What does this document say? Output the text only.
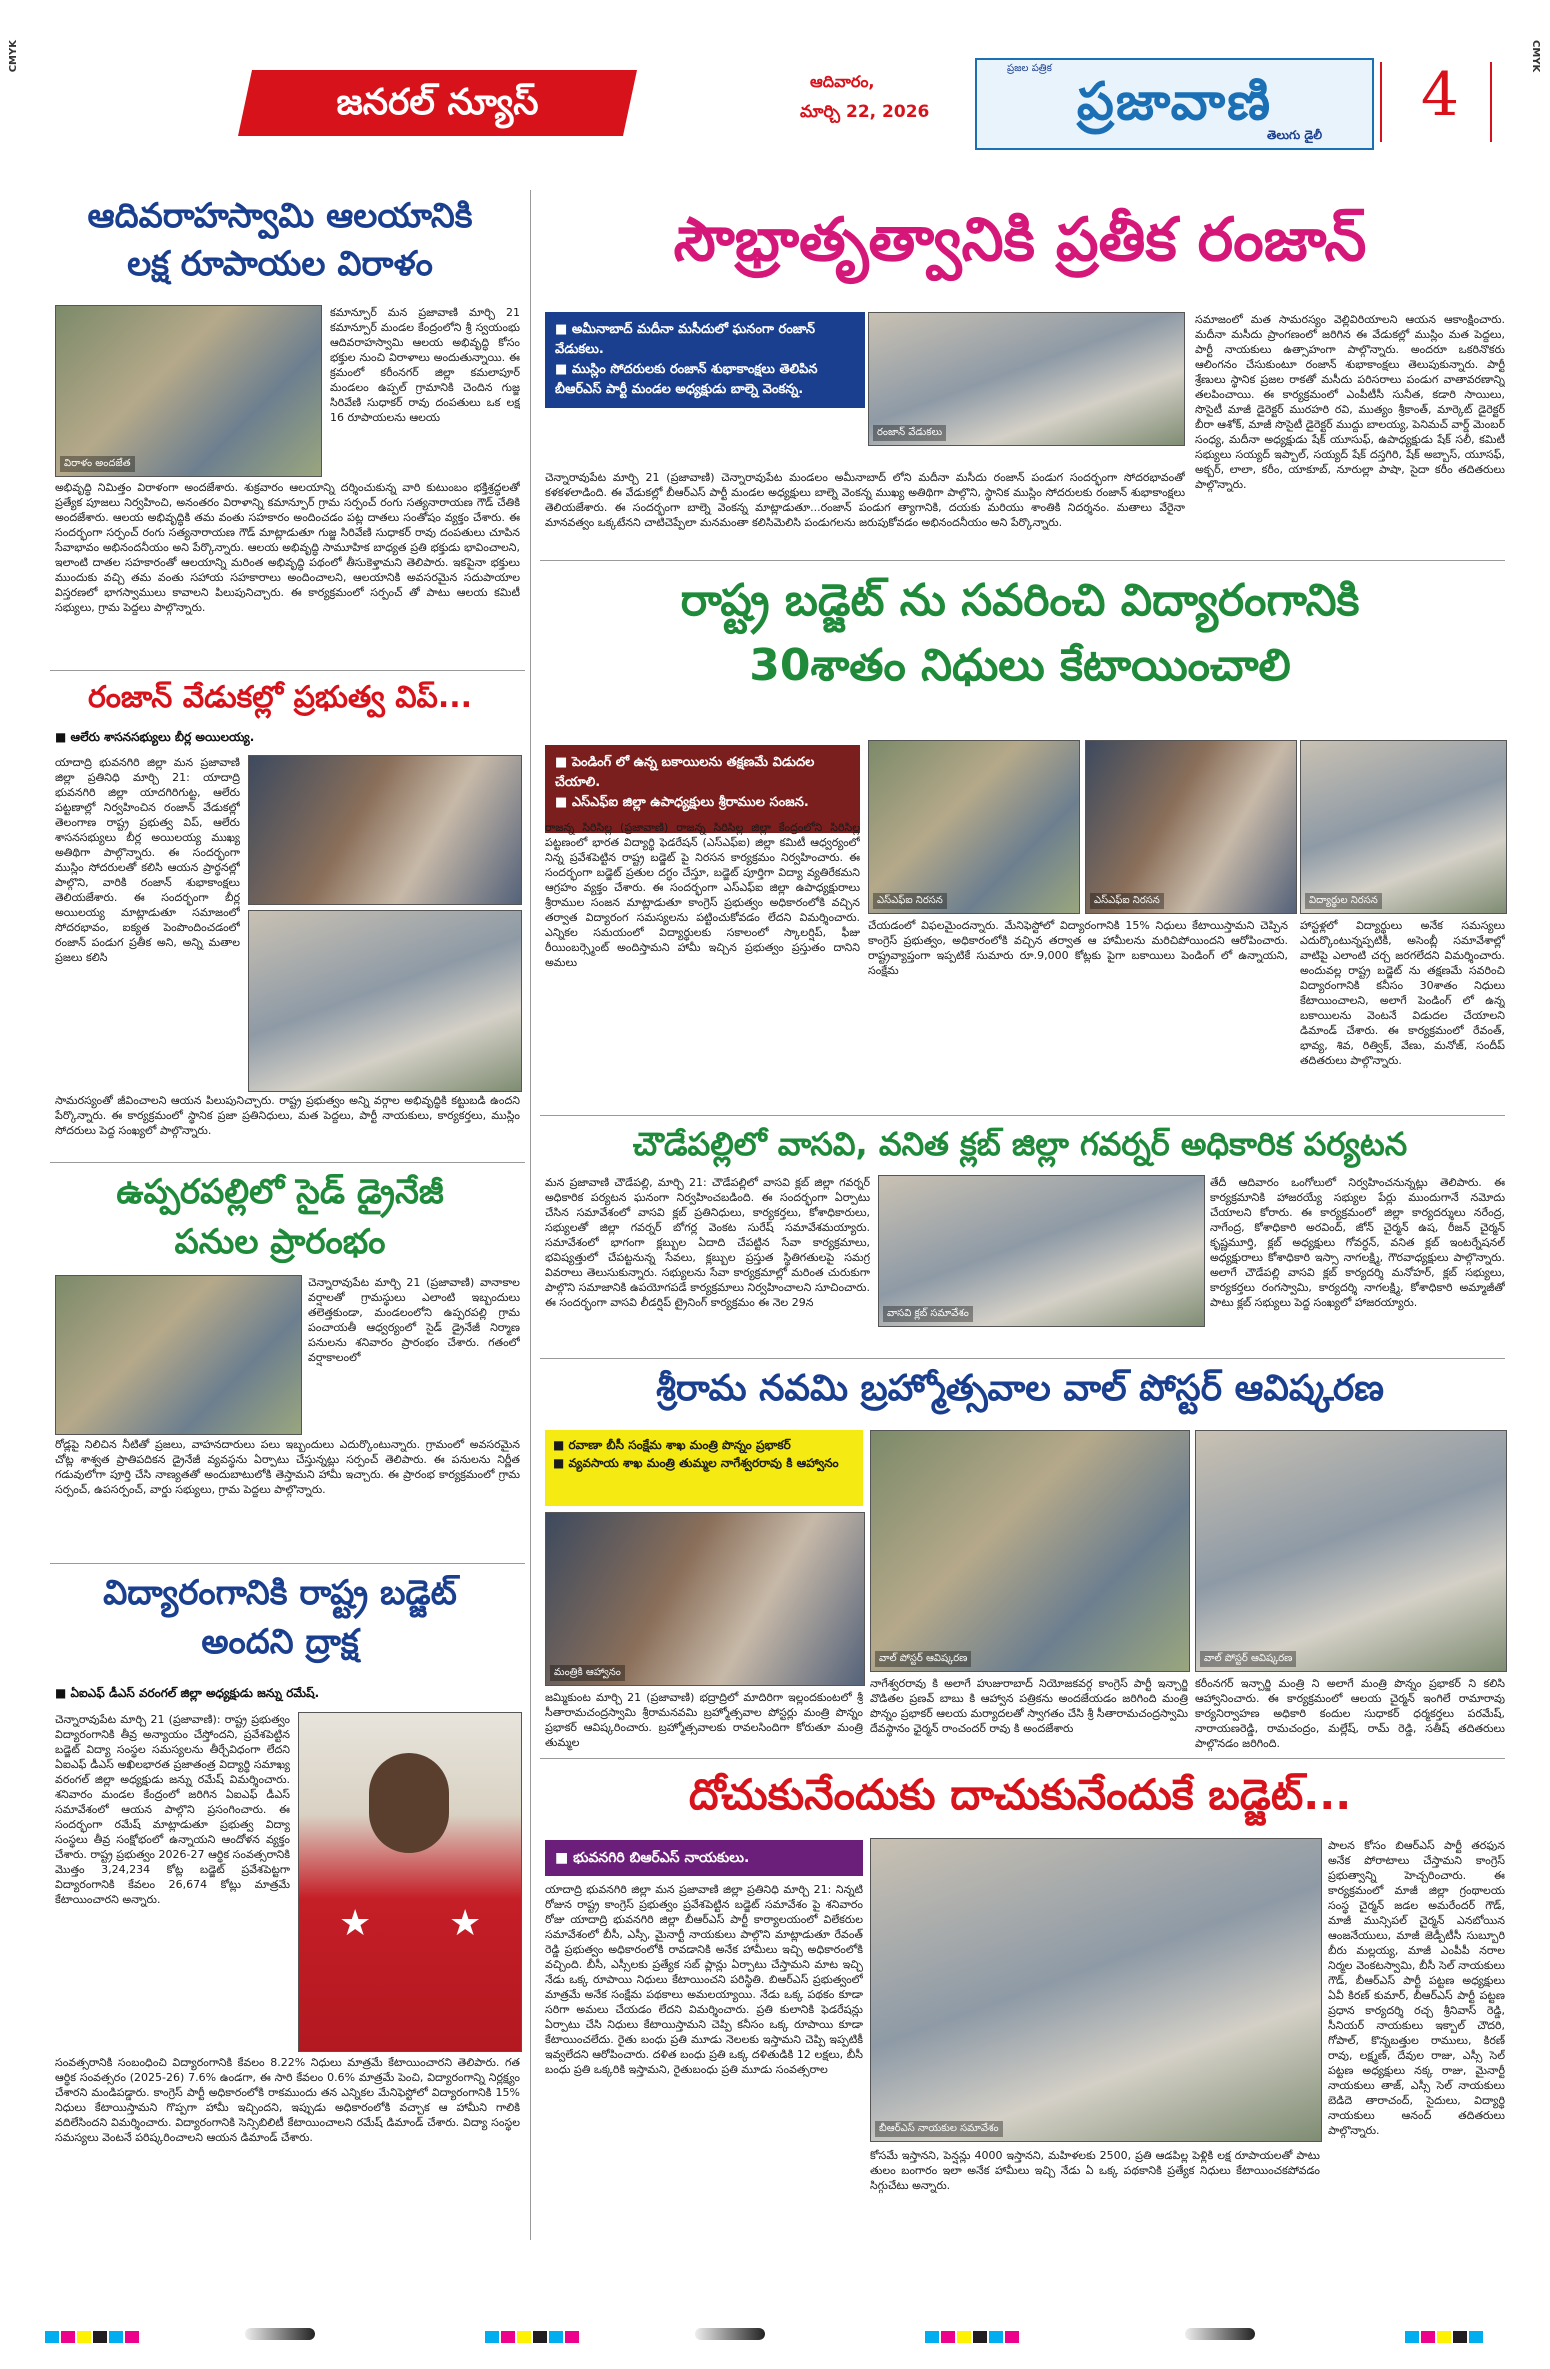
CMYK	CMYK
జనరల్ న్యూస్
ఆదివారం,
మార్చి 22, 2026
ప్రజల పత్రిక
ప్రజావాణి
తెలుగు డైలీ
4
ఆదివరాహస్వామి ఆలయానికి
లక్ష రూపాయల విరాళం
విరాళం అందజేత
కమాన్పూర్ మన ప్రజావాణి మార్చి 21 కమాన్పూర్ మండల కేంద్రంలోని శ్రీ స్వయంభు ఆదివరాహస్వామి ఆలయ అభివృద్ధి కోసం భక్తుల నుంచి విరాళాలు అందుతున్నాయి. ఈ క్రమంలో కరీంనగర్ జిల్లా కమలాపూర్ మండలం ఉప్పల్ గ్రామానికి చెందిన గుజ్జ సిరివేణి సుధాకర్ రావు దంపతులు ఒక లక్ష 16 రూపాయలను ఆలయ
అభివృద్ధి నిమిత్తం విరాళంగా అందజేశారు. శుక్రవారం ఆలయాన్ని దర్శించుకున్న వారి కుటుంబం భక్తిశ్రద్ధలతో ప్రత్యేక పూజలు నిర్వహించి, అనంతరం విరాళాన్ని కమాన్పూర్ గ్రామ సర్పంచ్ రంగు సత్యనారాయణ గౌడ్ చేతికి అందజేశారు. ఆలయ అభివృద్ధికి తమ వంతు సహకారం అందించడం పట్ల దాతలు సంతోషం వ్యక్తం చేశారు. ఈ సందర్భంగా సర్పంచ్ రంగు సత్యనారాయణ గౌడ్ మాట్లాడుతూ గుజ్జ సిరివేణి సుధాకర్ రావు దంపతులు చూపిన సేవాభావం అభినందనీయం అని పేర్కొన్నారు. ఆలయ అభివృద్ధి సామూహిక బాధ్యత ప్రతి భక్తుడు భావించాలని, ఇలాంటి దాతల సహకారంతో ఆలయాన్ని మరింత అభివృద్ధి పథంలో తీసుకెళ్తామని తెలిపారు. ఇకపైనా భక్తులు ముందుకు వచ్చి తమ వంతు సహాయ సహకారాలు అందించాలని, ఆలయానికి అవసరమైన సదుపాయాల విస్తరణలో భాగస్వాములు కావాలని పిలుపునిచ్చారు. ఈ కార్యక్రమంలో సర్పంచ్ తో పాటు ఆలయ కమిటీ సభ్యులు, గ్రామ పెద్దలు పాల్గొన్నారు.
రంజాన్ వేడుకల్లో ప్రభుత్వ విప్...
■ ఆలేరు శాసనసభ్యులు బీర్ల అయిలయ్య.
యాదాద్రి భువనగిరి జిల్లా మన ప్రజావాణి జిల్లా ప్రతినిధి మార్చి 21: యాదాద్రి భువనగిరి జిల్లా యాదగిరిగుట్ట, ఆలేరు పట్టణాల్లో నిర్వహించిన రంజాన్ వేడుకల్లో తెలంగాణ రాష్ట్ర ప్రభుత్వ విప్, ఆలేరు శాసనసభ్యులు బీర్ల అయిలయ్య ముఖ్య అతిథిగా పాల్గొన్నారు. ఈ సందర్భంగా ముస్లిం సోదరులతో కలిసి ఆయన ప్రార్థనల్లో పాల్గొని, వారికి రంజాన్ శుభాకాంక్షలు తెలియజేశారు. ఈ సందర్భంగా బీర్ల అయిలయ్య మాట్లాడుతూ సమాజంలో సోదరభావం, ఐక్యత పెంపొందించడంలో రంజాన్ పండుగ ప్రతీక అని, అన్ని మతాల ప్రజలు కలిసి
సామరస్యంతో జీవించాలని ఆయన పిలుపునిచ్చారు. రాష్ట్ర ప్రభుత్వం అన్ని వర్గాల అభివృద్ధికి కట్టుబడి ఉందని పేర్కొన్నారు. ఈ కార్యక్రమంలో స్థానిక ప్రజా ప్రతినిధులు, మత పెద్దలు, పార్టీ నాయకులు, కార్యకర్తలు, ముస్లిం సోదరులు పెద్ద సంఖ్యలో పాల్గొన్నారు.
ఉప్పరపల్లిలో సైడ్ డ్రైనేజీ
పనుల ప్రారంభం
చెన్నారావుపేట మార్చి 21 (ప్రజావాణి) వానాకాల వర్షాలతో గ్రామస్థులు ఎలాంటి ఇబ్బందులు తలెత్తకుండా, మండలంలోని ఉప్పరపల్లి గ్రామ పంచాయతీ ఆధ్వర్యంలో సైడ్ డ్రైనేజీ నిర్మాణ పనులను శనివారం ప్రారంభం చేశారు. గతంలో వర్షాకాలంలో
రోడ్లపై నిలిచిన నీటితో ప్రజలు, వాహనదారులు పలు ఇబ్బందులు ఎదుర్కొంటున్నారు. గ్రామంలో అవసరమైన చోట్ల శాశ్వత ప్రాతిపదికన డ్రైనేజీ వ్యవస్థను ఏర్పాటు చేస్తున్నట్లు సర్పంచ్ తెలిపారు. ఈ పనులను నిర్ణీత గడువులోగా పూర్తి చేసి నాణ్యతతో అందుబాటులోకి తెస్తామని హామీ ఇచ్చారు. ఈ ప్రారంభ కార్యక్రమంలో గ్రామ సర్పంచ్, ఉపసర్పంచ్, వార్డు సభ్యులు, గ్రామ పెద్దలు పాల్గొన్నారు.
విద్యారంగానికి రాష్ట్ర బడ్జెట్
అందని ద్రాక్ష
■ ఏఐఎఫ్ డీఎస్ వరంగల్ జిల్లా అధ్యక్షుడు జన్ను రమేష్.
చెన్నారావుపేట మార్చి 21 (ప్రజావాణి): రాష్ట్ర ప్రభుత్వం విద్యారంగానికి తీవ్ర అన్యాయం చేస్తోందని, ప్రవేశపెట్టిన బడ్జెట్ విద్యా సంస్థల సమస్యలను తీర్చేవిధంగా లేదని ఏఐఎఫ్ డీఎస్ అఖిలభారత ప్రజాతంత్ర విద్యార్థి సమాఖ్య వరంగల్ జిల్లా అధ్యక్షుడు జన్ను రమేష్ విమర్శించారు. శనివారం మండల కేంద్రంలో జరిగిన ఏఐఎఫ్ డీఎస్ సమావేశంలో ఆయన పాల్గొని ప్రసంగించారు. ఈ సందర్భంగా రమేష్ మాట్లాడుతూ ప్రభుత్వ విద్యా సంస్థలు తీవ్ర సంక్షోభంలో ఉన్నాయని ఆందోళన వ్యక్తం చేశారు. రాష్ట్ర ప్రభుత్వం 2026-27 ఆర్థిక సంవత్సరానికి మొత్తం 3,24,234 కోట్ల బడ్జెట్ ప్రవేశపెట్టగా విద్యారంగానికి కేవలం 26,674 కోట్లు మాత్రమే కేటాయించారని అన్నారు.
★ ★
సంవత్సరానికి సంబంధించి విద్యారంగానికి కేవలం 8.22% నిధులు మాత్రమే కేటాయించారని తెలిపారు. గత ఆర్థిక సంవత్సరం (2025-26) 7.6% ఉండగా, ఈ సారి కేవలం 0.6% మాత్రమే పెంచి, విద్యారంగాన్ని నిర్లక్ష్యం చేశారని మండిపడ్డారు. కాంగ్రెస్ పార్టీ అధికారంలోకి రాకముందు తన ఎన్నికల మేనిఫెస్టోలో విద్యారంగానికి 15% నిధులు కేటాయిస్తామని గొప్పగా హామీ ఇచ్చిందని, ఇప్పుడు అధికారంలోకి వచ్చాక ఆ హామీని గాలికి వదిలేసిందని విమర్శించారు. విద్యారంగానికి సెన్సిబిలిటీ కేటాయించాలని రమేష్ డిమాండ్ చేశారు. విద్యా సంస్థల సమస్యలు వెంటనే పరిష్కరించాలని ఆయన డిమాండ్ చేశారు.
సౌభ్రాతృత్వానికి ప్రతీక రంజాన్
■ అమీనాబాద్ మదీనా మసీదులో ఘనంగా రంజాన్ వేడుకలు.
■ ముస్లిం సోదరులకు రంజాన్ శుభాకాంక్షలు తెలిపిన బీఆర్ఎస్ పార్టీ మండల అధ్యక్షుడు బాల్నె వెంకన్న.
రంజాన్ వేడుకలు
చెన్నారావుపేట మార్చి 21 (ప్రజావాణి) చెన్నారావుపేట మండలం అమీనాబాద్ లోని మదీనా మసీదు రంజాన్ పండుగ సందర్భంగా సోదరభావంతో కళకళలాడింది. ఈ వేడుకల్లో బీఆర్ఎస్ పార్టీ మండల అధ్యక్షులు బాల్నె వెంకన్న ముఖ్య అతిథిగా పాల్గొని, స్థానిక ముస్లిం సోదరులకు రంజాన్ శుభాకాంక్షలు తెలియజేశారు. ఈ సందర్భంగా బాల్నె వెంకన్న మాట్లాడుతూ...రంజాన్ పండుగ త్యాగానికి, దయకు మరియు శాంతికి నిదర్శనం. మతాలు వేరైనా మానవత్వం ఒక్కటేనని చాటిచెప్పేలా మనమంతా కలిసిమెలిసి పండుగలను జరుపుకోవడం అభినందనీయం అని పేర్కొన్నారు.
సమాజంలో మత సామరస్యం వెల్లివిరియాలని ఆయన ఆకాంక్షించారు. మదీనా మసీదు ప్రాంగణంలో జరిగిన ఈ వేడుకల్లో ముస్లిం మత పెద్దలు, పార్టీ నాయకులు ఉత్సాహంగా పాల్గొన్నారు. అందరూ ఒకరినొకరు ఆలింగనం చేసుకుంటూ రంజాన్ శుభాకాంక్షలు తెలుపుకున్నారు. పార్టీ శ్రేణులు స్థానిక ప్రజల రాకతో మసీదు పరిసరాలు పండుగ వాతావరణాన్ని తలపించాయి. ఈ కార్యక్రమంలో ఎంపీటీసీ సునీత, కడారి సాయిలు, సొసైటీ మాజీ డైరెక్టర్ మురహరి రవి, ముత్యం శ్రీకాంత్, మార్కెట్ డైరెక్టర్ బీరా ఆశోక్, మాజీ సొసైటీ డైరెక్టర్ ముద్దు బాలయ్య, పెనిమచ్ వార్డ్ మెంబర్ సంధ్య, మదీనా అధ్యక్షుడు షేక్ యూసుఫ్, ఉపాధ్యక్షుడు షేక్ సలీ, కమిటీ సభ్యులు సయ్యద్ ఇప్బాల్, సయ్యద్ షేక్ దస్తగిరి, షేక్ అబ్బాస్, యూసఫ్, అక్బర్, లాలా, కరీం, యాకూబ్, నూరుల్లా పాషా, సైదా కరీం తదితరులు పాల్గొన్నారు.
రాష్ట్ర బడ్జెట్ ను సవరించి విద్యారంగానికి
30శాతం నిధులు కేటాయించాలి
■ పెండింగ్ లో ఉన్న బకాయిలను తక్షణమే విడుదల చేయాలి.
■ ఎస్ఎఫ్ఐ జిల్లా ఉపాధ్యక్షులు శ్రీరాముల సంజన.
ఎస్ఎఫ్ఐ నిరసన	ఎస్ఎఫ్ఐ నిరసన	విద్యార్థుల నిరసన
రాజన్న సిరిసిల్ల (ప్రజావాణి) రాజన్న సిరిసిల్ల జిల్లా కేంద్రంలోని సిరిసిల్ల పట్టణంలో భారత విద్యార్థి ఫెడరేషన్ (ఎస్ఎఫ్ఐ) జిల్లా కమిటీ ఆధ్వర్యంలో నిన్న ప్రవేశపెట్టిన రాష్ట్ర బడ్జెట్ పై నిరసన కార్యక్రమం నిర్వహించారు. ఈ సందర్భంగా బడ్జెట్ ప్రతుల దగ్ధం చేస్తూ, బడ్జెట్ పూర్తిగా విద్యా వ్యతిరేకమని ఆగ్రహం వ్యక్తం చేశారు. ఈ సందర్భంగా ఎస్ఎఫ్ఐ జిల్లా ఉపాధ్యక్షురాలు శ్రీరాముల సంజన మాట్లాడుతూ కాంగ్రెస్ ప్రభుత్వం అధికారంలోకి వచ్చిన తర్వాత విద్యారంగ సమస్యలను పట్టించుకోవడం లేదని విమర్శించారు. ఎన్నికల సమయంలో విద్యార్థులకు సకాలంలో స్కాలర్షిప్, ఫీజు రీయింబర్స్మెంట్ అందిస్తామని హామీ ఇచ్చిన ప్రభుత్వం ప్రస్తుతం దానిని అమలు
చేయడంలో విఫలమైందన్నారు. మేనిఫెస్టోలో విద్యారంగానికి 15% నిధులు కేటాయిస్తామని చెప్పిన కాంగ్రెస్ ప్రభుత్వం, అధికారంలోకి వచ్చిన తర్వాత ఆ హామీలను మరిచిపోయిందని ఆరోపించారు. రాష్ట్రవ్యాప్తంగా ఇప్పటికే సుమారు రూ.9,000 కోట్లకు పైగా బకాయిలు పెండింగ్ లో ఉన్నాయని, సంక్షేమ
హాస్టళ్లలో విద్యార్థులు అనేక సమస్యలు ఎదుర్కొంటున్నప్పటికీ, అసెంబ్లీ సమావేశాల్లో వాటిపై ఎలాంటి చర్చ జరగలేదని విమర్శించారు. అందువల్ల రాష్ట్ర బడ్జెట్ ను తక్షణమే సవరించి విద్యారంగానికి కనీసం 30శాతం నిధులు కేటాయించాలని, అలాగే పెండింగ్ లో ఉన్న బకాయిలను వెంటనే విడుదల చేయాలని డిమాండ్ చేశారు. ఈ కార్యక్రమంలో రేవంత్, భావ్య, శివ, రిత్విక్, వేణు, మనోజ్, సందీప్ తదితరులు పాల్గొన్నారు.
చౌడేపల్లిలో వాసవి, వనిత క్లబ్ జిల్లా గవర్నర్ అధికారిక పర్యటన
మన ప్రజావాణి చౌడేపల్లి, మార్చి 21: చౌడేపల్లిలో వాసవి క్లబ్ జిల్లా గవర్నర్ అధికారిక పర్యటన ఘనంగా నిర్వహించబడింది. ఈ సందర్భంగా ఏర్పాటు చేసిన సమావేశంలో వాసవి క్లబ్ ప్రతినిధులు, కార్యకర్తలు, కోశాధికారులు, సభ్యులతో జిల్లా గవర్నర్ బోగర్ల వెంకట సురేష్ సమావేశమయ్యారు. సమావేశంలో భాగంగా క్లబ్బుల ఏదాది చేపట్టిన సేవా కార్యక్రమాలు, భవిష్యత్తులో చేపట్టనున్న సేవలు, క్లబ్బుల ప్రస్తుత స్థితిగతులపై సమగ్ర వివరాలు తెలుసుకున్నారు. సభ్యులను సేవా కార్యక్రమాల్లో మరింత చురుకుగా పాల్గొని సమాజానికి ఉపయోగపడే కార్యక్రమాలు నిర్వహించాలని సూచించారు. ఈ సందర్భంగా వాసవి లీడర్షిప్ ట్రైనింగ్ కార్యక్రమం ఈ నెల 29న
వాసవి క్లబ్ సమావేశం
తేదీ ఆదివారం ఒంగోలులో నిర్వహించనున్నట్లు తెలిపారు. ఈ కార్యక్రమానికి హాజరయ్యే సభ్యుల పేర్లు ముందుగానే నమోదు చేయాలని కోరారు. ఈ కార్యక్రమంలో జిల్లా కార్యదర్శులు నరేంద్ర, నాగేంద్ర, కోశాధికారి అరవింద్, జోన్ చైర్మన్ ఉష, రీజన్ చైర్మన్ కృష్ణమూర్తి, క్లబ్ అధ్యక్షులు గోవర్ధన్, వనిత క్లబ్ ఇంటర్నేషనల్ అధ్యక్షురాలు కోశాధికారి ఇస్సా నాగలక్ష్మి, గౌరవాధ్యక్షులు పాల్గొన్నారు. అలాగే చౌడేపల్లి వాసవి క్లబ్ కార్యదర్శి మనోహర్, క్లబ్ సభ్యులు, కార్యకర్తలు రంగస్వామి, కార్యదర్శి నాగలక్ష్మి, కోశాధికారి అమ్మాజీతో పాటు క్లబ్ సభ్యులు పెద్ద సంఖ్యలో హాజరయ్యారు.
శ్రీరామ నవమి బ్రహ్మోత్సవాల వాల్ పోస్టర్ ఆవిష్కరణ
■ రవాణా బీసీ సంక్షేమ శాఖ మంత్రి పొన్నం ప్రభాకర్
■ వ్యవసాయ శాఖ మంత్రి తుమ్మల నాగేశ్వరరావు కి ఆహ్వానం
మంత్రికి ఆహ్వానం
వాల్ పోస్టర్ ఆవిష్కరణ	వాల్ పోస్టర్ ఆవిష్కరణ
జమ్మికుంట మార్చి 21 (ప్రజావాణి) భద్రాద్రిలో మాదిరిగా ఇల్లందకుంటలో శ్రీ సీతారామచంద్రస్వామి శ్రీరామనవమి బ్రహ్మోత్సవాల పోస్టర్లు మంత్రి పొన్నం ప్రభాకర్ ఆవిష్కరించారు. బ్రహ్మోత్సవాలకు రావలసిందిగా కోరుతూ మంత్రి తుమ్మల
నాగేశ్వరరావు కి అలాగే హుజురాబాద్ నియోజకవర్గ కాంగ్రెస్ పార్టీ ఇన్చార్జి వొడితల ప్రణవ్ బాబు కి ఆహ్వాన పత్రికను అందజేయడం జరిగింది మంత్రి పొన్నం ప్రభాకర్ ఆలయ మర్యాదలతో స్వాగతం చేసి శ్రీ సీతారామచంద్రస్వామి దేవస్థానం ఛైర్మన్ రాంచందర్ రావు కి అందజేశారు
కరీంనగర్ ఇన్చార్జి మంత్రి ని అలాగే మంత్రి పొన్నం ప్రభాకర్ ని కలిసి ఆహ్వానించారు. ఈ కార్యక్రమంలో ఆలయ చైర్మన్ ఇంగిలే రామారావు కార్యనిర్వాహణ అధికారి కందుల సుధాకర్ ధర్మకర్తలు పరమేష్, నారాయణరెడ్డి, రామచంద్రం, మల్లేష్, రామ్ రెడ్డి, సతీష్ తదితరులు పాల్గొనడం జరిగింది.
దోచుకునేందుకు దాచుకునేందుకే బడ్జెట్...
■ భువనగిరి బిఆర్ఎస్ నాయకులు.
యాదాద్రి భువనగిరి జిల్లా మన ప్రజావాణి జిల్లా ప్రతినిధి మార్చి 21: నిన్నటి రోజున రాష్ట్ర కాంగ్రెస్ ప్రభుత్వం ప్రవేశపెట్టిన బడ్జెట్ సమావేశం పై శనివారం రోజు యాదాద్రి భువనగిరి జిల్లా బీఆర్ఎస్ పార్టీ కార్యాలయంలో విలేకరుల సమావేశంలో బీసీ, ఎస్సీ, మైనార్టీ నాయకులు పాల్గొని మాట్లాడుతూ రేవంత్ రెడ్డి ప్రభుత్వం అధికారంలోకి రావడానికి అనేక హామీలు ఇచ్చి అధికారంలోకి వచ్చింది. బీసీ, ఎస్సీలకు ప్రత్యేక సబ్ ప్లాన్లు ఏర్పాటు చేస్తామని మాట ఇచ్చి నేడు ఒక్క రూపాయి నిధులు కేటాయించని పరిస్థితి. బిఆర్ఎస్ ప్రభుత్వంలో మాత్రమే అనేక సంక్షేమ పథకాలు అమలయ్యాయి. నేడు ఒక్క పథకం కూడా సరిగా అమలు చేయడం లేదని విమర్శించారు. ప్రతి కులానికి ఫెడరేషన్లు ఏర్పాటు చేసి నిధులు కేటాయిస్తామని చెప్పి కనీసం ఒక్క రూపాయి కూడా కేటాయించలేదు. రైతు బంధు ప్రతి మూడు నెలలకు ఇస్తామని చెప్పి ఇప్పటికీ ఇవ్వలేదని ఆరోపించారు. దళిత బంధు ప్రతి ఒక్క దళితుడికి 12 లక్షలు, బీసీ బంధు ప్రతి ఒక్కరికి ఇస్తామని, రైతుబంధు ప్రతి మూడు సంవత్సరాల
బీఆర్ఎస్ నాయకుల సమావేశం
కోసమే ఇస్తానని, పెన్షన్లు 4000 ఇస్తానని, మహిళలకు 2500, ప్రతి ఆడపిల్ల పెళ్లికి లక్ష రూపాయలతో పాటు తులం బంగారం ఇలా అనేక హామీలు ఇచ్చి నేడు ఏ ఒక్క పథకానికి ప్రత్యేక నిధులు కేటాయించకపోవడం సిగ్గుచేటు అన్నారు.
పాలన కోసం బిఆర్ఎస్ పార్టీ తరఫున అనేక పోరాటాలు చేస్తామని కాంగ్రెస్ ప్రభుత్వాన్ని హెచ్చరించారు. ఈ కార్యక్రమంలో మాజీ జిల్లా గ్రంథాలయ సంస్థ చైర్మన్ జడల అమరేందర్ గౌడ్, మాజీ మున్సిపల్ చైర్మన్ ఎనబోయిన ఆంజనేయులు, మాజీ జెడ్పీటీసీ సుబ్బూరి బీరు మల్లయ్య, మాజీ ఎంపీపీ నరాల నిర్మల వెంకటస్వామి, బీసీ సెల్ నాయకులు గౌడ్, బీఆర్ఎస్ పార్టీ పట్టణ అధ్యక్షులు ఏవీ కిరణ్ కుమార్, బీఆర్ఎస్ పార్టీ పట్టణ ప్రధాన కార్యదర్శి రచ్చ శ్రీనివాస్ రెడ్డి, సీనియర్ నాయకులు ఇక్బాల్ చౌదరి, గోపాల్, కొన్నబత్తుల రాములు, కిరణ్ రావు, లక్ష్మణ్, దేవుల రాజు, ఎస్సీ సెల్ పట్టణ అధ్యక్షులు నక్క రాజు, మైనార్టీ నాయకులు తాజ్, ఎస్సీ సెల్ నాయకులు బెడిదె తారాచంద్, సైదులు, విద్యార్థి నాయకులు ఆనంద్ తదితరులు పాల్గొన్నారు.
